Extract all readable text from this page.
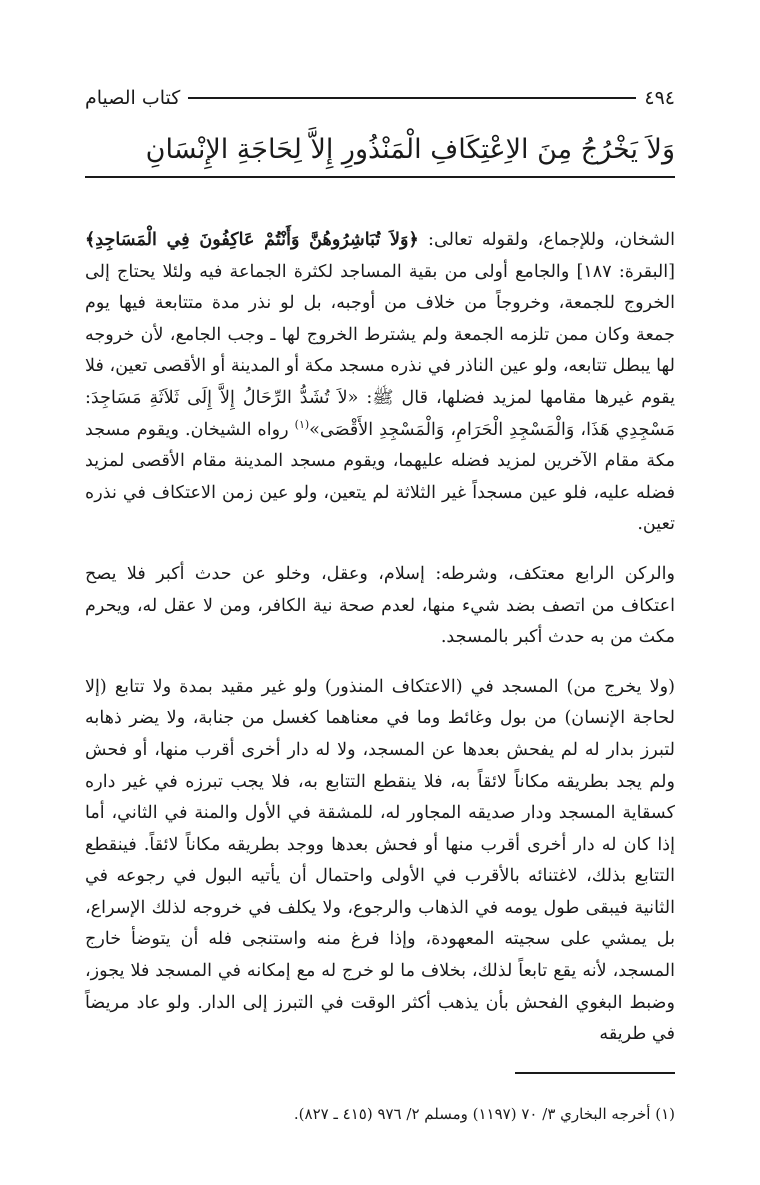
٤٩٤
كتاب الصيام
وَلاَ يَخْرُجُ مِنَ الاِعْتِكَافِ الْمَنْذُورِ إِلاَّ لِحَاجَةِ الإِنْسَانِ

الشخان، وللإجماع، ولقوله تعالى: ﴿وَلاَ تُبَاشِرُوهُنَّ وَأَنْتُمْ عَاكِفُونَ فِي الْمَسَاجِدِ﴾ [البقرة: ١٨٧] والجامع أولى من بقية المساجد لكثرة الجماعة فيه ولئلا يحتاج إلى الخروج للجمعة، وخروجاً من خلاف من أوجبه، بل لو نذر مدة متتابعة فيها يوم جمعة وكان ممن تلزمه الجمعة ولم يشترط الخروج لها ـ وجب الجامع، لأن خروجه لها يبطل تتابعه، ولو عين الناذر في نذره مسجد مكة أو المدينة أو الأقصى تعين، فلا يقوم غيرها مقامها لمزيد فضلها، قال ﷺ: «لاَ تُشَدُّ الرِّحَالُ إِلاَّ إِلَى ثَلاَثَةِ مَسَاجِدَ: مَسْجِدِي هَذَا، وَالْمَسْجِدِ الْحَرَامِ، وَالْمَسْجِدِ الأَقْصَى»$^{(١)}$ رواه الشيخان. ويقوم مسجد مكة مقام الآخرين لمزيد فضله عليهما، ويقوم مسجد المدينة مقام الأقصى لمزيد فضله عليه، فلو عين مسجداً غير الثلاثة لم يتعين، ولو عين زمن الاعتكاف في نذره تعين.

والركن الرابع معتكف، وشرطه: إسلام، وعقل، وخلو عن حدث أكبر فلا يصح اعتكاف من اتصف بضد شيء منها، لعدم صحة نية الكافر، ومن لا عقل له، ويحرم مكث من به حدث أكبر بالمسجد.

(ولا يخرج من) المسجد في (الاعتكاف المنذور) ولو غير مقيد بمدة ولا تتابع (إلا لحاجة الإنسان) من بول وغائط وما في معناهما كغسل من جنابة، ولا يضر ذهابه لتبرز بدار له لم يفحش بعدها عن المسجد، ولا له دار أخرى أقرب منها، أو فحش ولم يجد بطريقه مكاناً لائقاً به، فلا ينقطع التتابع به، فلا يجب تبرزه في غير داره كسقاية المسجد ودار صديقه المجاور له، للمشقة في الأول والمنة في الثاني، أما إذا كان له دار أخرى أقرب منها أو فحش بعدها ووجد بطريقه مكاناً لائقاً. فينقطع التتابع بذلك، لاغتنائه بالأقرب في الأولى واحتمال أن يأتيه البول في رجوعه في الثانية فيبقى طول يومه في الذهاب والرجوع، ولا يكلف في خروجه لذلك الإسراع، بل يمشي على سجيته المعهودة، وإذا فرغ منه واستنجى فله أن يتوضأ خارج المسجد، لأنه يقع تابعاً لذلك، بخلاف ما لو خرج له مع إمكانه في المسجد فلا يجوز، وضبط البغوي الفحش بأن يذهب أكثر الوقت في التبرز إلى الدار. ولو عاد مريضاً في طريقه

(١) أخرجه البخاري ٣/ ٧٠ (١١٩٧) ومسلم ٢/ ٩٧٦ (٤١٥ ـ ٨٢٧).
